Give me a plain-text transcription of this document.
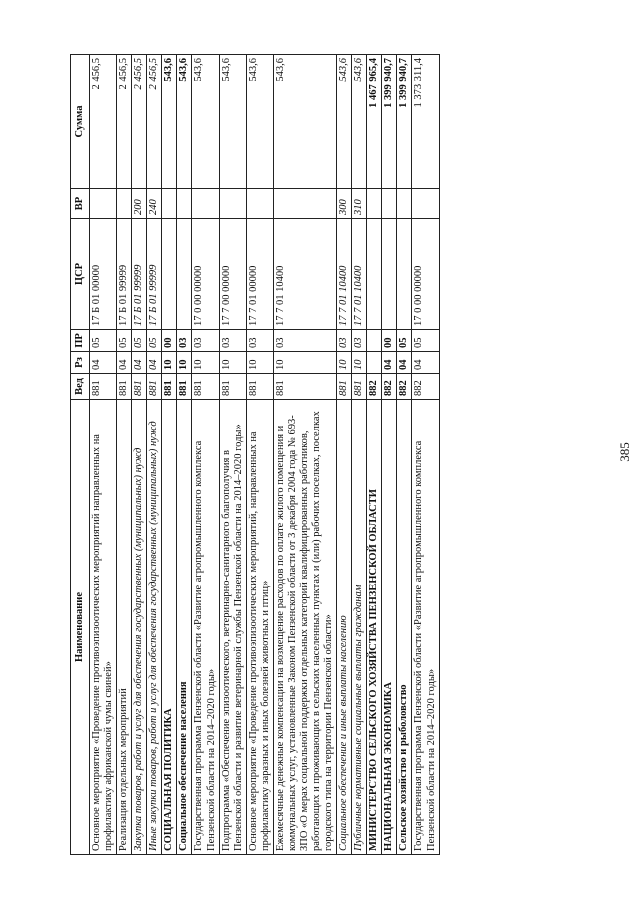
385
Наименование	Вед	Рз	ПР	ЦСР	ВР	Сумма
Основное мероприятие «Проведение противоэпизоотических мероприятий направленных на профилактику африканской чумы свиней»	881	04	05	17 Б 01 00000		2 456,5
Реализация отдельных мероприятий	881	04	05	17 Б 01 99999		2 456,5
Закупка товаров, работ и услуг для обеспечения государственных (муниципальных) нужд	881	04	05	17 Б 01 99999	200	2 456,5
Иные закупки товаров, работ и услуг для обеспечения государственных (муниципальных) нужд	881	04	05	17 Б 01 99999	240	2 456,5
СОЦИАЛЬНАЯ ПОЛИТИКА	881	10	00			543,6
Социальное обеспечение населения	881	10	03			543,6
Государственная программа Пензенской области «Развитие агропромышленного комплекса Пензенской области на 2014–2020 годы»	881	10	03	17 0 00 00000		543,6
Подпрограмма «Обеспечение эпизоотического, ветеринарно-санитарного благополучия в Пензенской области и развитие ветеринарной службы Пензенской области на 2014–2020 годы»	881	10	03	17 7 00 00000		543,6
Основное мероприятие «Проведение противоэпизоотических мероприятий, направленных на профилактику заразных и иных болезней животных и птиц»	881	10	03	17 7 01 00000		543,6
Ежемесячные денежные компенсации на возмещение расходов по оплате жилого помещения и коммунальных услуг, установленные Законом Пензенской области от 3 декабря 2004 года № 693-ЗПО «О мерах социальной поддержки отдельных категорий квалифицированных работников, работающих и проживающих в сельских населенных пунктах и (или) рабочих поселках, поселках городского типа на территории Пензенской области»	881	10	03	17 7 01 10400		543,6
Социальное обеспечение и иные выплаты населению	881	10	03	17 7 01 10400	300	543,6
Публичные нормативные социальные выплаты гражданам	881	10	03	17 7 01 10400	310	543,6
МИНИСТЕРСТВО СЕЛЬСКОГО ХОЗЯЙСТВА ПЕНЗЕНСКОЙ ОБЛАСТИ	882					1 467 965,4
НАЦИОНАЛЬНАЯ ЭКОНОМИКА	882	04	00			1 399 940,7
Сельское хозяйство и рыболовство	882	04	05			1 399 940,7
Государственная программа Пензенской области «Развитие агропромышленного комплекса Пензенской области на 2014–2020 годы»	882	04	05	17 0 00 00000		1 373 311,4
